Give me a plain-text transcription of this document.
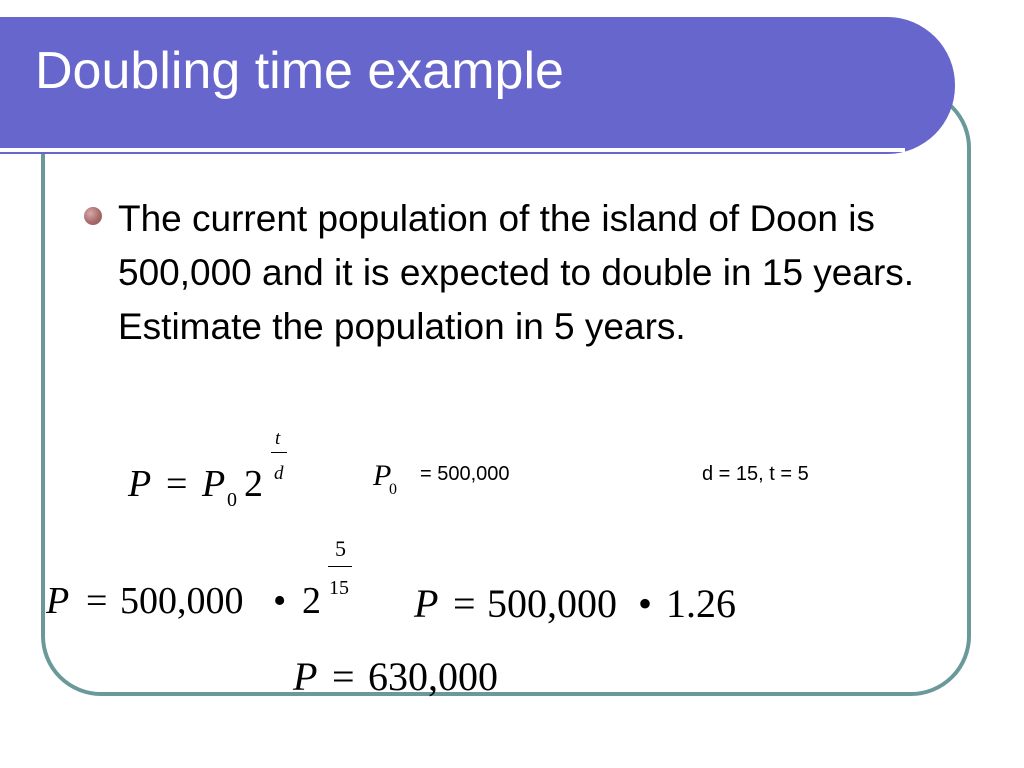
Doubling time example

The current population of the island of Doon is 500,000 and it is expected to double in 15 years. Estimate the population in 5 years.

P = P 0 2
t
d	P
0
= 500,000	d = 15, t = 5
P = 500,000 • 2
5
15 P = 500,000 • 1.26
P = 630,000
